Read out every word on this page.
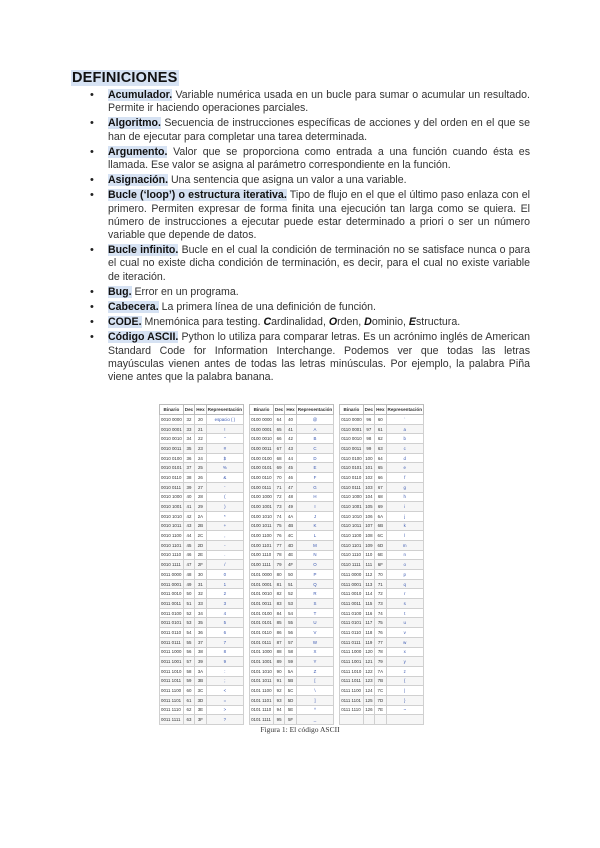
DEFINICIONES
• Acumulador. Variable numérica usada en un bucle para sumar o acumular un resultado. Permite ir haciendo operaciones parciales.
• Algoritmo. Secuencia de instrucciones específicas de acciones y del orden en el que se han de ejecutar para completar una tarea determinada.
• Argumento. Valor que se proporciona como entrada a una función cuando ésta es llamada. Ese valor se asigna al parámetro correspondiente en la función.
• Asignación. Una sentencia que asigna un valor a una variable.
• Bucle (‘loop’) o estructura iterativa. Tipo de flujo en el que el último paso enlaza con el primero. Permiten expresar de forma finita una ejecución tan larga como se quiera. El número de instrucciones a ejecutar puede estar determinado a priori o ser un número variable que depende de datos.
• Bucle infinito. Bucle en el cual la condición de terminación no se satisface nunca o para el cual no existe dicha condición de terminación, es decir, para el cual no existe variable de iteración.
• Bug. Error en un programa.
• Cabecera. La primera línea de una definición de función.
• CODE. Mnemónica para testing. Cardinalidad, Orden, Dominio, Estructura.
• Código ASCII. Python lo utiliza para comparar letras. Es un acrónimo inglés de American Standard Code for Information Interchange. Podemos ver que todas las letras mayúsculas vienen antes de todas las letras minúsculas. Por ejemplo, la palabra Piña viene antes que la palabra banana.
Binario	Dec	Hex	Representación		Binario	Dec	Hex	Representación		Binario	Dec	Hex	Representación
0010 0000	32	20	espacio ( )		0100 0000	64	40	@		0110 0000	96	60	`
0010 0001	33	21	!		0100 0001	65	41	A		0110 0001	97	61	a
0010 0010	34	22	"		0100 0010	66	42	B		0110 0010	98	62	b
0010 0011	35	23	#		0100 0011	67	43	C		0110 0011	99	63	c
0010 0100	36	24	$		0100 0100	68	44	D		0110 0100	100	64	d
0010 0101	37	25	%		0100 0101	69	45	E		0110 0101	101	65	e
0010 0110	38	26	&		0100 0110	70	46	F		0110 0110	102	66	f
0010 0111	39	27	'		0100 0111	71	47	G		0110 0111	103	67	g
0010 1000	40	28	(		0100 1000	72	48	H		0110 1000	104	68	h
0010 1001	41	29	)		0100 1001	73	49	I		0110 1001	105	69	i
0010 1010	42	2A	*		0100 1010	74	4A	J		0110 1010	106	6A	j
0010 1011	43	2B	+		0100 1011	75	4B	K		0110 1011	107	6B	k
0010 1100	44	2C	,		0100 1100	76	4C	L		0110 1100	108	6C	l
0010 1101	45	2D	-		0100 1101	77	4D	M		0110 1101	109	6D	m
0010 1110	46	2E	.		0100 1110	78	4E	N		0110 1110	110	6E	n
0010 1111	47	2F	/		0100 1111	79	4F	O		0110 1111	111	6F	o
0011 0000	48	30	0		0101 0000	80	50	P		0111 0000	112	70	p
0011 0001	49	31	1		0101 0001	81	51	Q		0111 0001	113	71	q
0011 0010	50	32	2		0101 0010	82	52	R		0111 0010	114	72	r
0011 0011	51	33	3		0101 0011	83	53	S		0111 0011	115	73	s
0011 0100	52	34	4		0101 0100	84	54	T		0111 0100	116	74	t
0011 0101	53	35	5		0101 0101	85	55	U		0111 0101	117	75	u
0011 0110	54	36	6		0101 0110	86	56	V		0111 0110	118	76	v
0011 0111	55	37	7		0101 0111	87	57	W		0111 0111	119	77	w
0011 1000	56	38	8		0101 1000	88	58	X		0111 1000	120	78	x
0011 1001	57	39	9		0101 1001	89	59	Y		0111 1001	121	79	y
0011 1010	58	3A	:		0101 1010	90	5A	Z		0111 1010	122	7A	z
0011 1011	59	3B	;		0101 1011	91	5B	[		0111 1011	123	7B	{
0011 1100	60	3C	<		0101 1100	92	5C	\		0111 1100	124	7C	|
0011 1101	61	3D	=		0101 1101	93	5D	]		0111 1101	125	7D	}
0011 1110	62	3E	>		0101 1110	94	5E	^		0111 1110	126	7E	~
0011 1111	63	3F	?		0101 1111	95	5F	_					
Figura 1: El código ASCII
